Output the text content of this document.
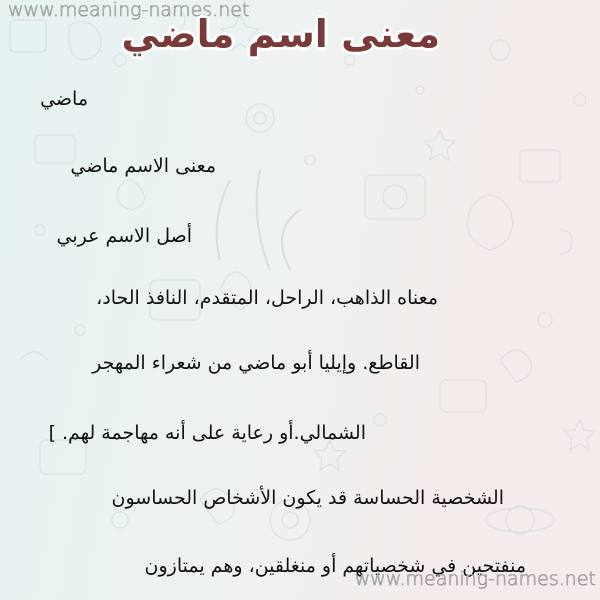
www.meaning-names.net
معنى اسم ماضي
ماضي
معنى الاسم ماضي
أصل الاسم عربي
معناه الذاهب، الراحل، المتقدم، النافذ الحاد،
القاطع. وإيليا أبو ماضي من شعراء المهجر
الشمالي.أو رعاية على أنه مهاجمة لهم. ]
الشخصية الحساسة قد يكون الأشخاص الحساسون
منفتحين في شخصياتهم أو منغلقين، وهم يمتازون
www.meaning-names.net
